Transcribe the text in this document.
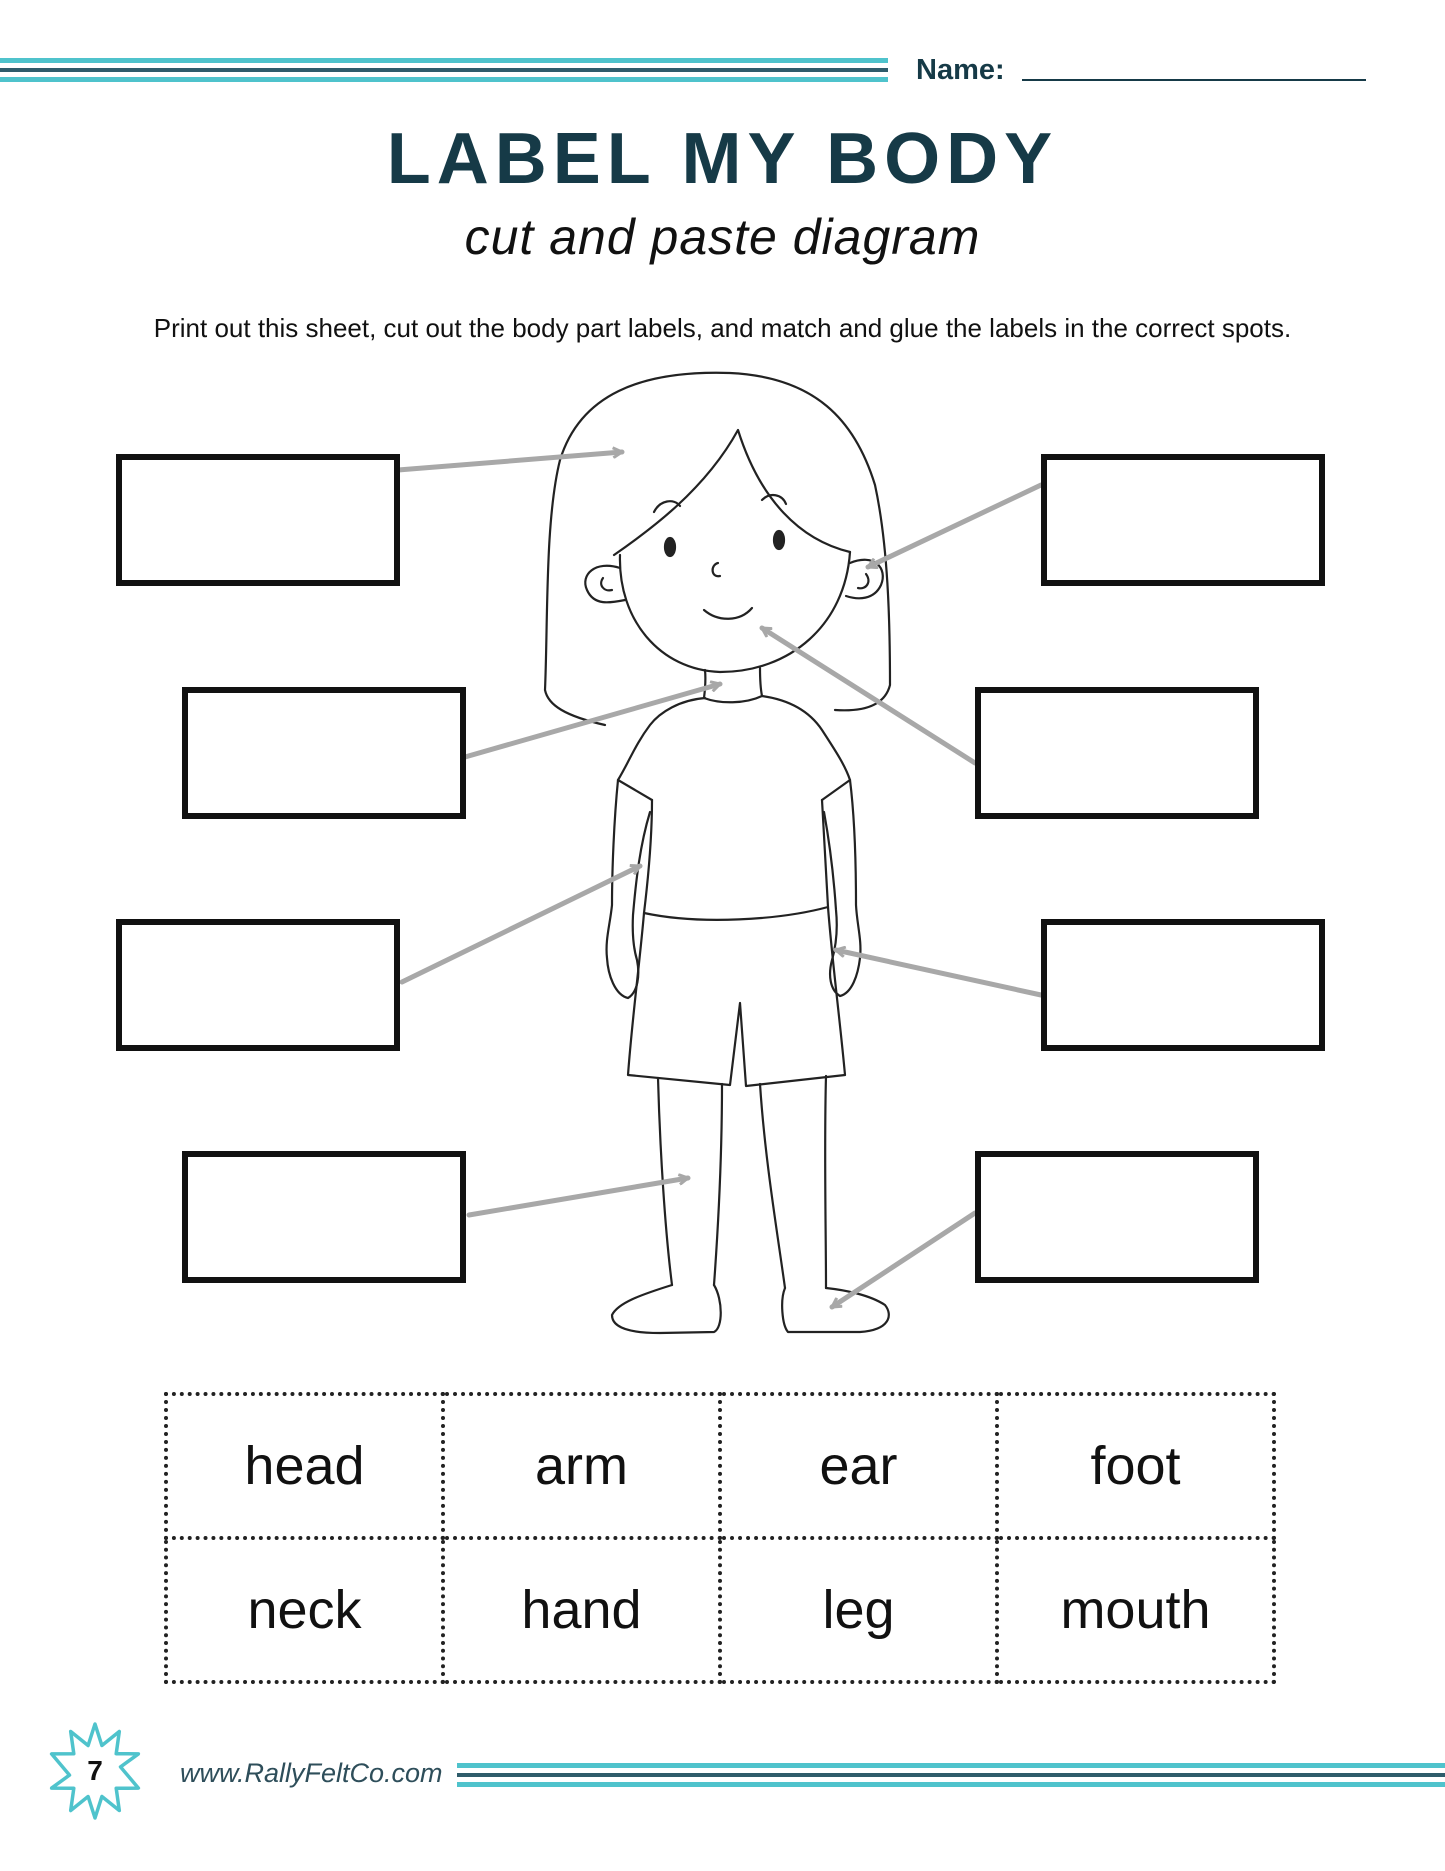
Name:
LABEL MY BODY
cut and paste diagram
Print out this sheet, cut out the body part labels, and match and glue the labels in the correct spots.
head	arm	ear	foot
neck	hand	leg	mouth
7	www.RallyFeltCo.com
